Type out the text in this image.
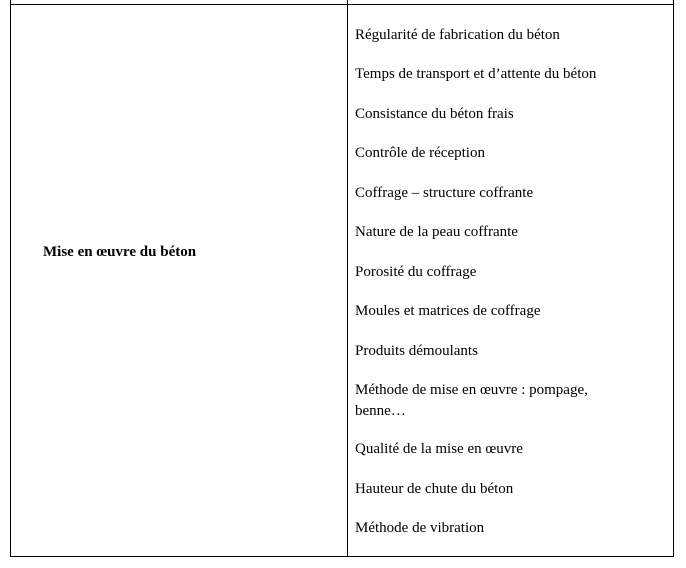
Mise en œuvre du béton
Régularité de fabrication du béton
Temps de transport et d’attente du béton
Consistance du béton frais
Contrôle de réception
Coffrage – structure coffrante
Nature de la peau coffrante
Porosité du coffrage
Moules et matrices de coffrage
Produits démoulants
Méthode de mise en œuvre : pompage, benne…
Qualité de la mise en œuvre
Hauteur de chute du béton
Méthode de vibration
